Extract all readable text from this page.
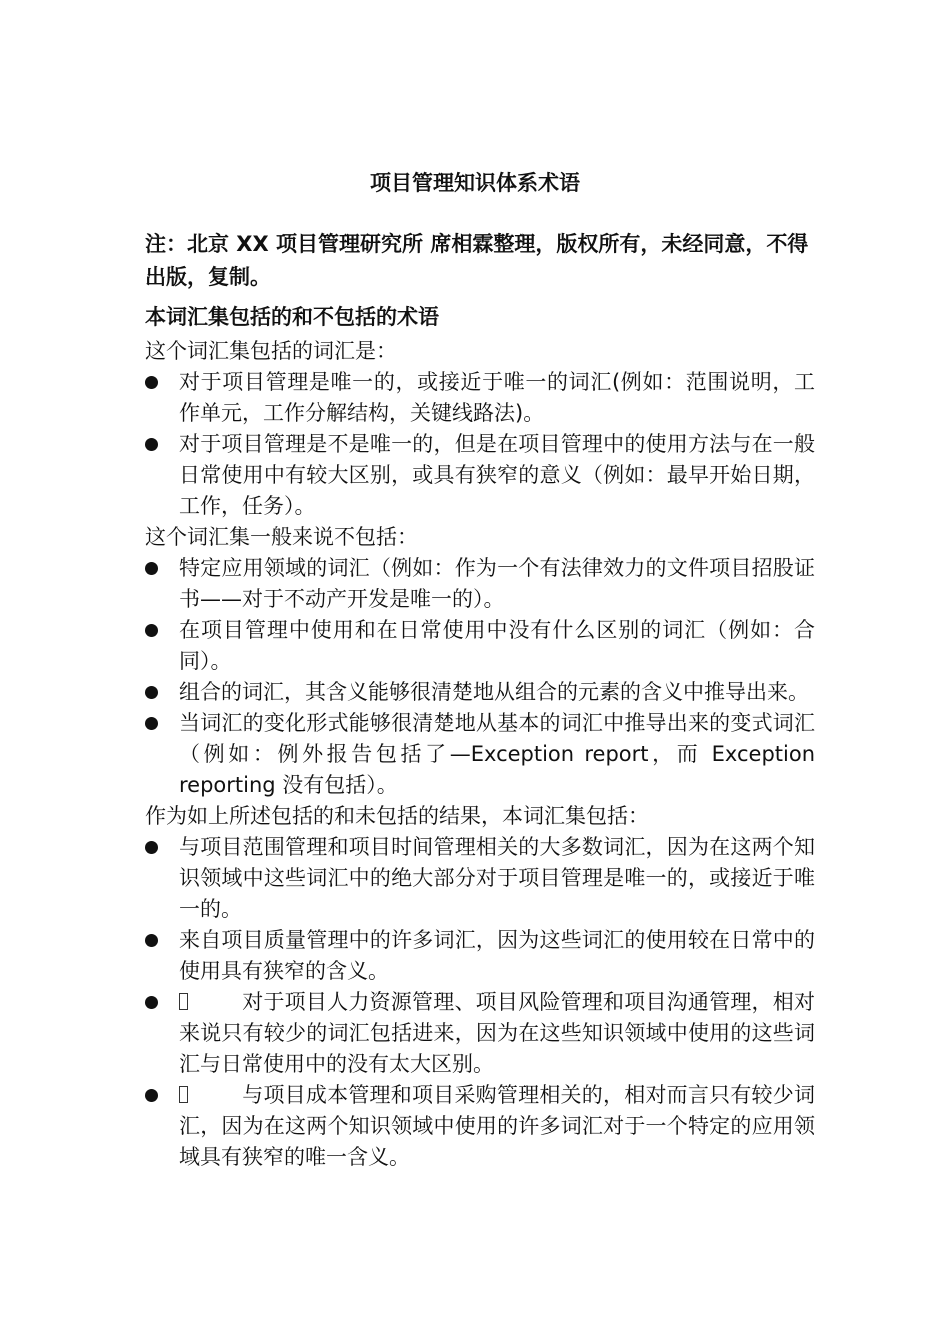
项目管理知识体系术语

注：北京 XX 项目管理研究所 席相霖整理，版权所有，未经同意，不得出版，复制。

本词汇集包括的和不包括的术语

这个词汇集包括的词汇是：

对于项目管理是唯一的，或接近于唯一的词汇(例如：范围说明，工作单元，工作分解结构，关键线路法)。
对于项目管理是不是唯一的，但是在项目管理中的使用方法与在一般日常使用中有较大区别，或具有狭窄的意义（例如：最早开始日期，工作，任务）。

这个词汇集一般来说不包括：

特定应用领域的词汇（例如：作为一个有法律效力的文件项目招股证书——对于不动产开发是唯一的）。
在项目管理中使用和在日常使用中没有什么区别的词汇（例如：合同）。
组合的词汇，其含义能够很清楚地从组合的元素的含义中推导出来。
当词汇的变化形式能够很清楚地从基本的词汇中推导出来的变式词汇（例如：例外报告包括了—Exception report，而 Exception reporting 没有包括）。

作为如上所述包括的和未包括的结果，本词汇集包括：

与项目范围管理和项目时间管理相关的大多数词汇，因为在这两个知识领域中这些词汇中的绝大部分对于项目管理是唯一的，或接近于唯一的。
来自项目质量管理中的许多词汇，因为这些词汇的使用较在日常中的使用具有狭窄的含义。
对于项目人力资源管理、项目风险管理和项目沟通管理，相对来说只有较少的词汇包括进来，因为在这些知识领域中使用的这些词汇与日常使用中的没有太大区别。
与项目成本管理和项目采购管理相关的，相对而言只有较少词汇，因为在这两个知识领域中使用的许多词汇对于一个特定的应用领域具有狭窄的唯一含义。
